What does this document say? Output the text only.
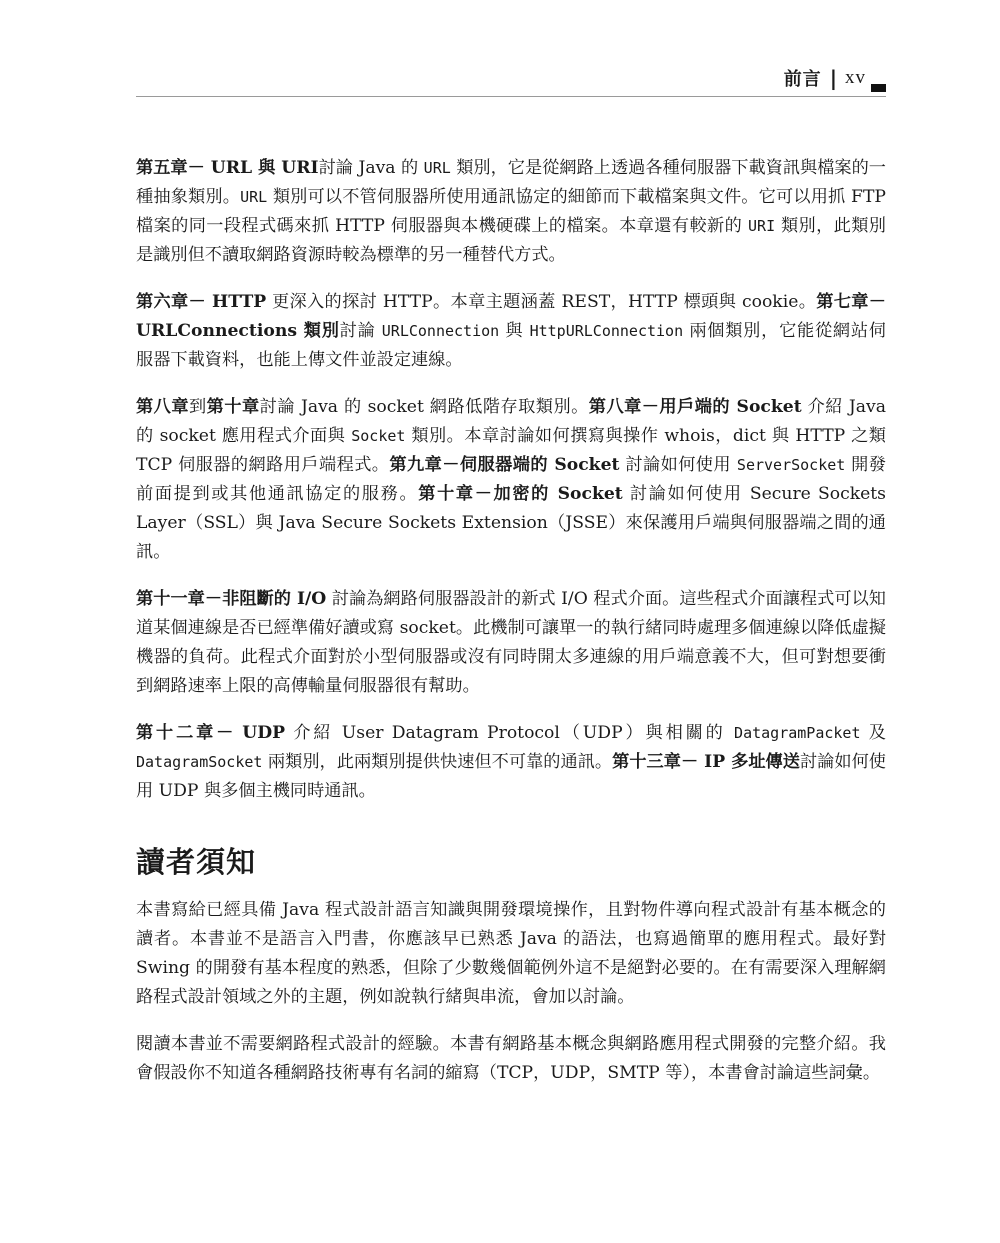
前言 | xv

第五章－ URL 與 URI討論 Java 的 URL 類別，它是從網路上透過各種伺服器下載資訊與檔案的一種抽象類別。URL 類別可以不管伺服器所使用通訊協定的細節而下載檔案與文件。它可以用抓 FTP 檔案的同一段程式碼來抓 HTTP 伺服器與本機硬碟上的檔案。本章還有較新的 URI 類別，此類別是識別但不讀取網路資源時較為標準的另一種替代方式。

第六章－ HTTP 更深入的探討 HTTP。本章主題涵蓋 REST，HTTP 標頭與 cookie。第七章－ URLConnections 類別討論 URLConnection 與 HttpURLConnection 兩個類別，它能從網站伺服器下載資料，也能上傳文件並設定連線。

第八章到第十章討論 Java 的 socket 網路低階存取類別。第八章－用戶端的 Socket 介紹 Java 的 socket 應用程式介面與 Socket 類別。本章討論如何撰寫與操作 whois，dict 與 HTTP 之類 TCP 伺服器的網路用戶端程式。第九章－伺服器端的 Socket 討論如何使用 ServerSocket 開發前面提到或其他通訊協定的服務。第十章－加密的 Socket 討論如何使用 Secure Sockets Layer（SSL）與 Java Secure Sockets Extension（JSSE）來保護用戶端與伺服器端之間的通訊。

第十一章－非阻斷的 I/O 討論為網路伺服器設計的新式 I/O 程式介面。這些程式介面讓程式可以知道某個連線是否已經準備好讀或寫 socket。此機制可讓單一的執行緒同時處理多個連線以降低虛擬機器的負荷。此程式介面對於小型伺服器或沒有同時開太多連線的用戶端意義不大，但可對想要衝到網路速率上限的高傳輸量伺服器很有幫助。

第十二章－ UDP 介紹 User Datagram Protocol（UDP）與相關的 DatagramPacket 及 DatagramSocket 兩類別，此兩類別提供快速但不可靠的通訊。第十三章－ IP 多址傳送討論如何使用 UDP 與多個主機同時通訊。

讀者須知

本書寫給已經具備 Java 程式設計語言知識與開發環境操作，且對物件導向程式設計有基本概念的讀者。本書並不是語言入門書，你應該早已熟悉 Java 的語法，也寫過簡單的應用程式。最好對 Swing 的開發有基本程度的熟悉，但除了少數幾個範例外這不是絕對必要的。在有需要深入理解網路程式設計領域之外的主題，例如說執行緒與串流，會加以討論。

閱讀本書並不需要網路程式設計的經驗。本書有網路基本概念與網路應用程式開發的完整介紹。我會假設你不知道各種網路技術專有名詞的縮寫（TCP，UDP，SMTP 等），本書會討論這些詞彙。
